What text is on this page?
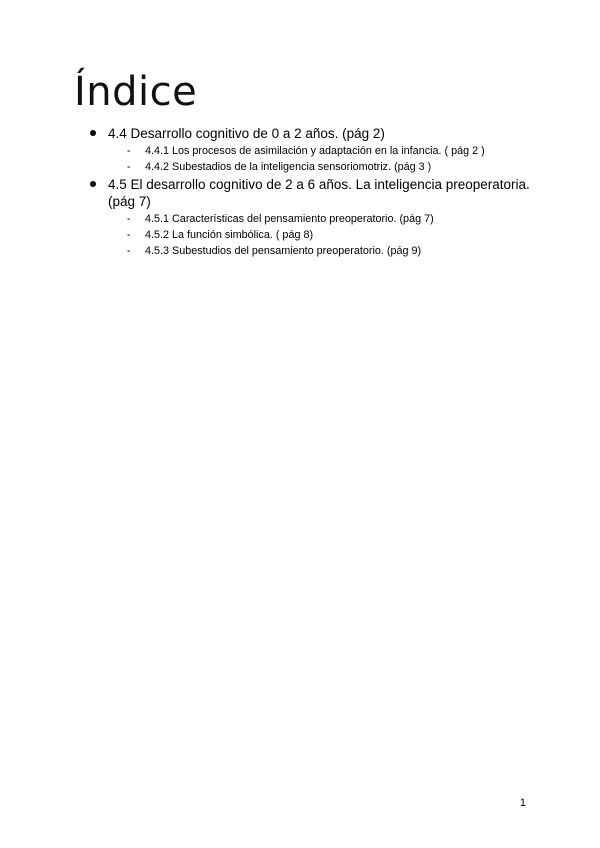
Índice
4.4 Desarrollo cognitivo de 0 a 2 años. (pág 2)
- 4.4.1 Los procesos de asimilación y adaptación en la infancia. ( pág 2 )
- 4.4.2 Subestadios de la inteligencia sensoriomotriz. (pág 3 )
4.5 El desarrollo cognitivo de 2 a 6 años. La inteligencia preoperatoria. (pág 7)
- 4.5.1 Características del pensamiento preoperatorio. (pág 7)
- 4.5.2 La función simbólica. ( pág 8)
- 4.5.3 Subestudios del pensamiento preoperatorio. (pág 9)
1
